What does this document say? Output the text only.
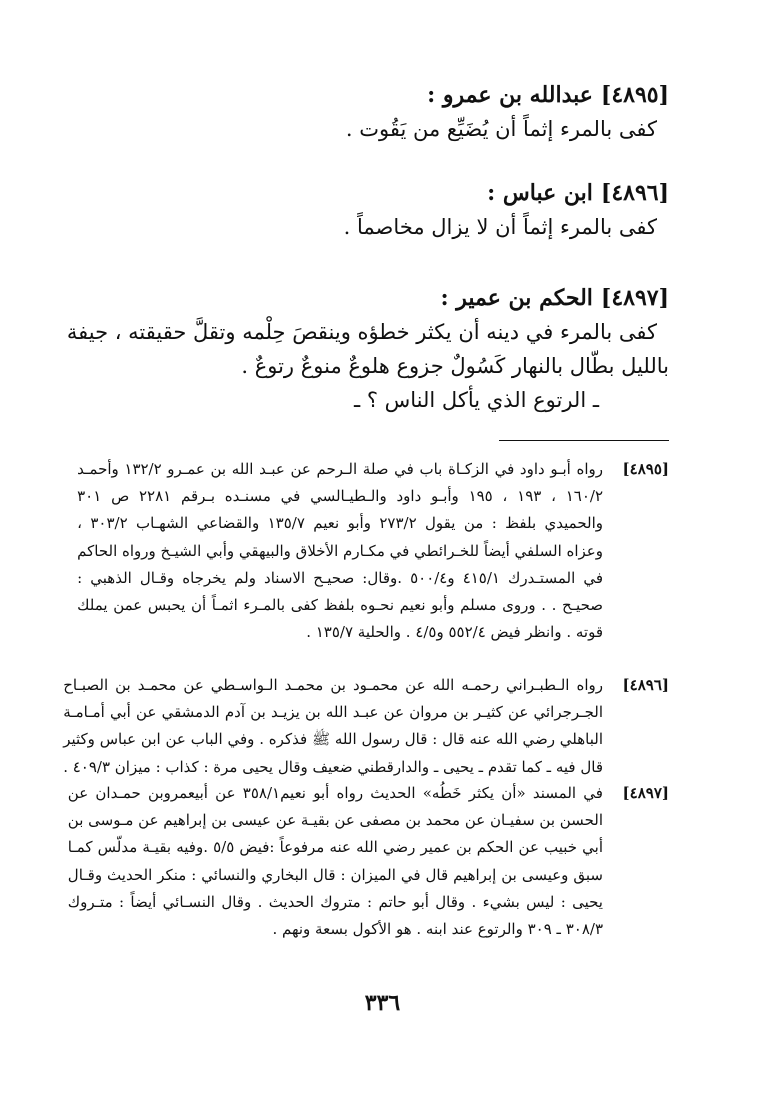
[٤٨٩٥]عبدالله بن عمرو :
كفى بالمرء إثماً أن يُضَيِّع من يَقُوت .
[٤٨٩٦]ابن عباس :
كفى بالمرء إثماً أن لا يزال مخاصماً .
[٤٨٩٧]الحكم بن عمير :
كفى بالمرء في دينه أن يكثر خطؤه وينقصَ حِلْمه وتقلَّ حقيقته ، جيفة
بالليل بطّال بالنهار كَسُولٌ جزوع هلوعٌ منوعٌ رتوعٌ .
ـ الرتوع الذي يأكل الناس ؟ ـ
[٤٨٩٥]
رواه أبـو داود في الزكـاة باب في صلة الـرحم عن عبـد الله بن عمـرو ١٣٢/٢ وأحمـد
١٦٠/٢ ، ١٩٣ ، ١٩٥ وأبـو داود والـطيـالسي في مسنـده بـرقم ٢٢٨١ ص ٣٠١
والحميدي بلفظ : من يقول ٢٧٣/٢ وأبو نعيم ١٣٥/٧ والقضاعي الشهـاب ٣٠٣/٢ ،
وعزاه السلفي أيضاً للخـرائطي في مكـارم الأخلاق والبيهقي وأبي الشيـخ ورواه الحاكم
في المستـدرك ٤١٥/١ و٥٠٠/٤ .وقال: صحيـح الاسناد ولم يخرجاه وقـال الذهبي :
صحيـح . . وروى مسلم وأبو نعيم نحـوه بلفظ كفى بالمـرء اثمـاً أن يحبس عمن يملك
قوته . وانظر فيض ٥٥٢/٤ و٤/٥ . والحلية ١٣٥/٧ .
[٤٨٩٦]
رواه الـطبـراني رحمـه الله عن محمـود بن محمـد الـواسـطي عن محمـد بن الصبـاح
الجـرجرائي عن كثيـر بن مروان عن عبـد الله بن يزيـد بن آدم الدمشقي عن أبي أمـامـة
الباهلي رضي الله عنه قال : قال رسول الله ﷺ فذكره . وفي الباب عن ابن عباس وكثير
قال فيه ـ كما تقدم ـ يحيى ـ والدارقطني ضعيف وقال يحيى مرة : كذاب : ميزان ٤٠٩/٣ .
[٤٨٩٧]
في المسند «أن يكثر خَطُه» الحديث رواه أبو نعيم٣٥٨/١ عن أبيعمروبن حمـدان عن
الحسن بن سفيـان عن محمد بن مصفى عن بقيـة عن عيسى بن إبراهيم عن مـوسى بن
أبي خبيب عن الحكم بن عمير رضي الله عنه مرفوعاً :فيض ٥/٥ .وفيه بقيـة مدلّس كمـا
سبق وعيسى بن إبراهيم قال في الميزان : قال البخاري والنسائي : منكر الحديث وقـال
يحيى : ليس بشيء . وقال أبو حاتم : متروك الحديث . وقال النسـائي أيضاً : متـروك
٣٠٨/٣ ـ ٣٠٩ والرتوع عند ابنه . هو الأكول بسعة ونهم .
٣٣٦
